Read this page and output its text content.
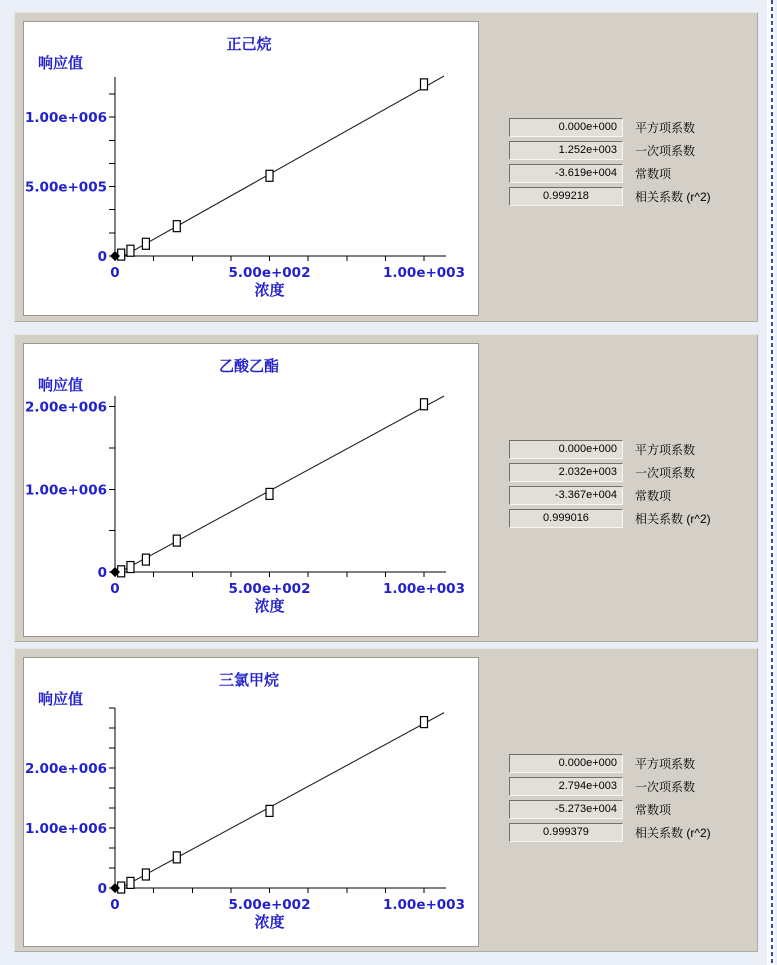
0	5.00e+002	1.00e+003
0
5.00e+005
1.00e+006
正己烷
响应值
浓度
0.000e+000	平方项系数
1.252e+003	一次项系数
-3.619e+004	常数项
0.999218	相关系数 (r^2)
0	5.00e+002	1.00e+003
0
1.00e+006
2.00e+006
乙酸乙酯
响应值
浓度
0.000e+000	平方项系数
2.032e+003	一次项系数
-3.367e+004	常数项
0.999016	相关系数 (r^2)
0	5.00e+002	1.00e+003
0
1.00e+006
2.00e+006
三氯甲烷
响应值
浓度
0.000e+000	平方项系数
2.794e+003	一次项系数
-5.273e+004	常数项
0.999379	相关系数 (r^2)
